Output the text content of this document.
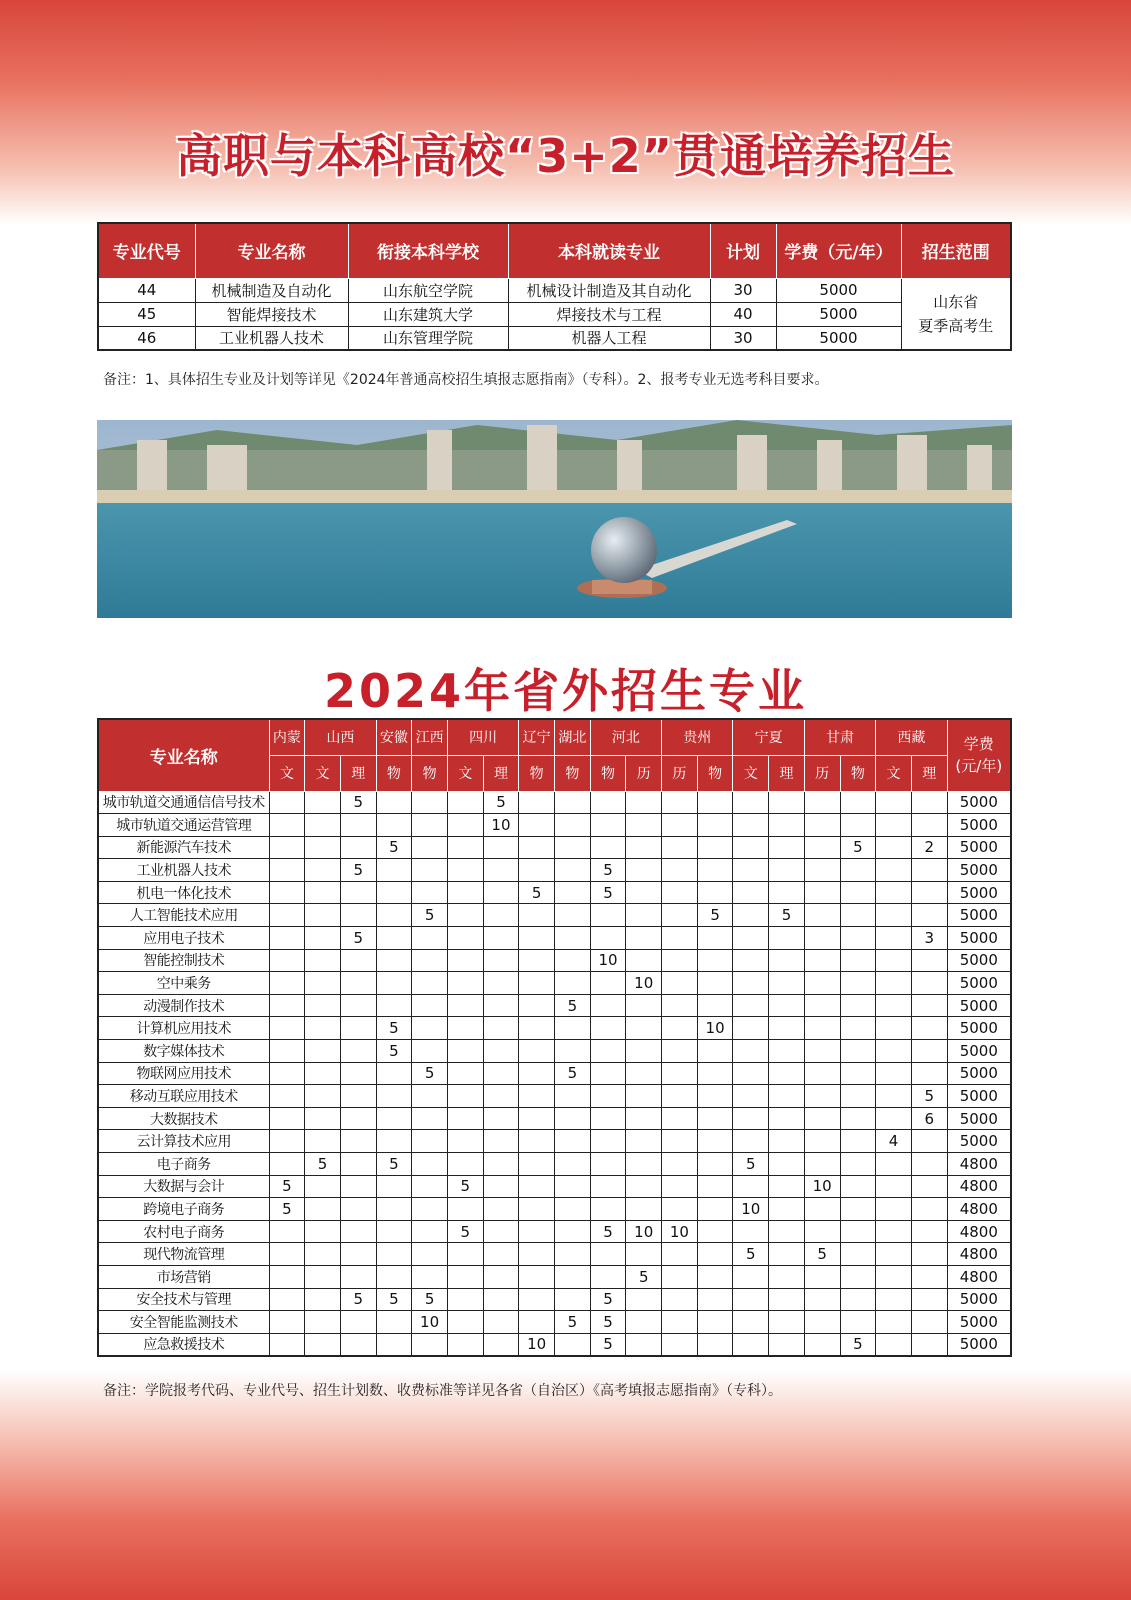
高职与本科高校“3+2”贯通培养招生
专业代号	专业名称	衔接本科学校	本科就读专业	计划	学费（元/年）	招生范围
44	机械制造及自动化	山东航空学院	机械设计制造及其自动化	30	5000	山东省
夏季高考生

45	智能焊接技术	山东建筑大学	焊接技术与工程	40	5000	
46	工业机器人技术	山东管理学院	机器人工程	30	5000	
备注：1、具体招生专业及计划等详见《2024年普通高校招生填报志愿指南》（专科）。2、报考专业无选考科目要求。
2024年省外招生专业
专业名称	内蒙	山西		安徽	江西	四川		辽宁	湖北	河北		贵州		宁夏		甘肃		西藏		学费
(元/年)

	文	文	理	物	物	文	理	物	物	物	历	历	物	文	理	历	物	文	理	
城市轨道交通通信信号技术			5				5													5000
城市轨道交通运营管理							10													5000
新能源汽车技术				5													5		2	5000
工业机器人技术			5							5										5000
机电一体化技术								5		5										5000
人工智能技术应用					5								5		5					5000
应用电子技术			5																3	5000
智能控制技术										10										5000
空中乘务											10									5000
动漫制作技术									5											5000
计算机应用技术				5									10							5000
数字媒体技术				5																5000
物联网应用技术					5				5											5000
移动互联应用技术																			5	5000
大数据技术																			6	5000
云计算技术应用																		4		5000
电子商务		5		5										5						4800
大数据与会计	5					5										10				4800
跨境电子商务	5													10						4800
农村电子商务						5				5	10	10								4800
现代物流管理														5		5				4800
市场营销											5									4800
安全技术与管理			5	5	5					5										5000
安全智能监测技术					10				5	5										5000
应急救援技术								10		5							5			5000
备注：学院报考代码、专业代号、招生计划数、收费标准等详见各省（自治区）《高考填报志愿指南》（专科）。
